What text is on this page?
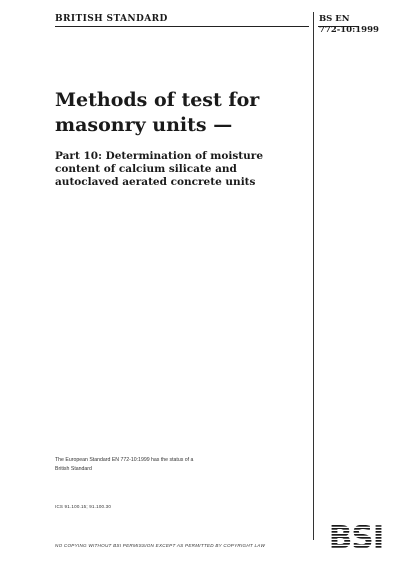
BRITISH STANDARD	BS EN
772-10:1999
Methods of test for
masonry units —
Part 10: Determination of moisture
content of calcium silicate and
autoclaved aerated concrete units
The European Standard EN 772-10:1999 has the status of a
British Standard
ICS 91.100.15; 91.100.30
NO COPYING WITHOUT BSI PERMISSION EXCEPT AS PERMITTED BY COPYRIGHT LAW
